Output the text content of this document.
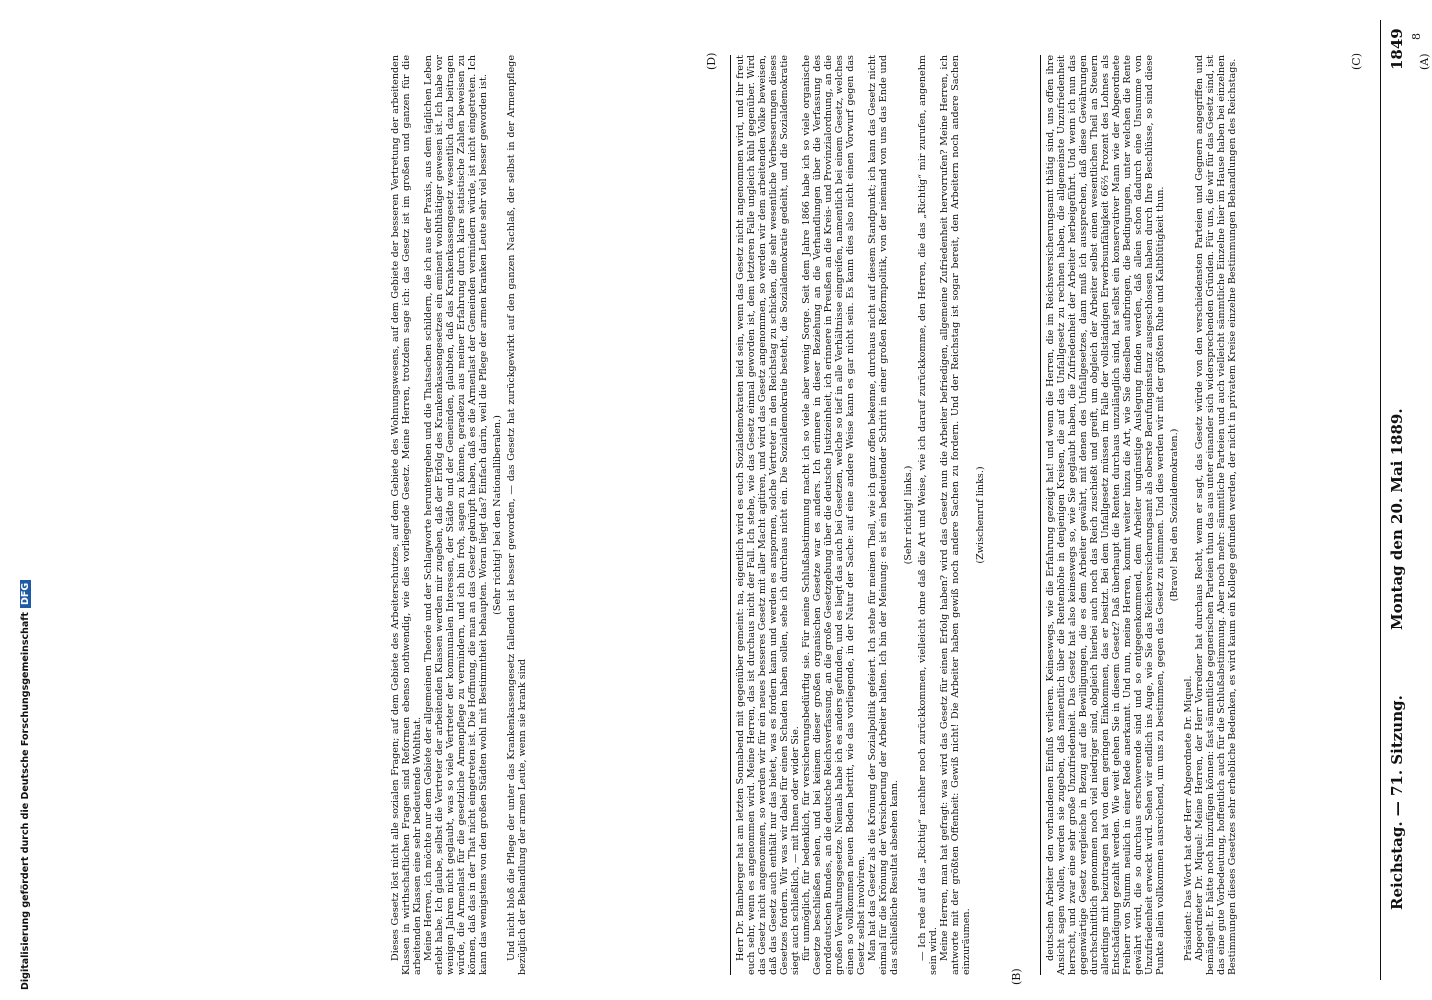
Reichstag. — 71. Sitzung.
Montag den 20. Mai 1889.
1849 8
(A)
(B)
(C)
(D)	deutschen Arbeiter den vorhandenen Einfluß verlieren. Keineswegs, wie die Erfahrung gezeigt hat! und wenn die Herren, die im Reichsversicherungsamt thätig sind, uns offen ihre Ansicht sagen wollen, werden sie zugeben, daß namentlich über die Rentenhöhe in denjenigen Kreisen, die auf das Unfallgesetz zu rechnen haben, die allgemeinste Unzufriedenheit herrscht, und zwar eine sehr große Unzufriedenheit. Das Gesetz hat also keineswegs so, wie Sie geglaubt haben, die Zufriedenheit der Arbeiter herbeigeführt. Und wenn ich nun das gegenwärtige Gesetz vergleiche in Bezug auf die Bewilligungen, die es dem Arbeiter gewährt, mit denen des Unfallgesetzes, dann muß ich aussprechen, daß diese Gewährungen durchschnittlich genommen noch viel niedriger sind, obgleich hierbei auch noch das Reich zuschießt und greift, um obgleich der Arbeiter selbst einen wesentlichen Theil an Steuern allerdings mit beizutragen hat von dem geringen Einkommen, das er besitzt. Bei dem Unfallgesetz müssen im Falle der vollständigen Erwerbsunfähigkeit 66⅔ Prozent des Lohnes als Entschädigung gezahlt werden. Wie weit gehen Sie in diesem Gesetz? Daß überhaupt die Renten durchaus unzulänglich sind, hat selbst ein konservativer Mann wie der Abgeordnete Freiherr von Stumm neulich in einer Rede anerkannt. Und nun, meine Herren, kommt weiter hinzu die Art, wie Sie dieselben aufbringen, die Bedingungen, unter welchen die Rente gewährt wird, die so durchaus erschwerende sind und so entgegenkommend, dem Arbeiter ungünstige Auslegung finden werden, daß allein schon dadurch eine Unsumme von Unzufriedenheit erweckt wird. Sehen wir endlich ins Auge, wie Sie das Reichsversicherungsamt als oberste Berufungsinstanz ausgeschlossen haben durch Ihre Beschlüsse, so sind diese Punkte allein vollkommen ausreichend, um uns zu bestimmen, gegen das Gesetz zu stimmen. Und dies werden wir mit der größten Ruhe und Kaltblütigkeit thun. (Bravo! bei den Sozialdemokraten.)

Präsident: Das Wort hat der Herr Abgeordnete Dr. Miquel. Abgeordneter Dr. Miquel: Meine Herren, der Herr Vorredner hat durchaus Recht, wenn er sagt, das Gesetz würde von den verschiedensten Parteien und Gegnern angegriffen und bemängelt. Er hätte noch hinzufügen können: fast sämmtliche gegnerischen Parteien thun das aus unter einander sich widersprechenden Gründen. Für uns, die wir für das Gesetz sind, ist das eine gute Vorbedeutung, hoffentlich auch für die Schlußabstimmung. Aber noch mehr: sämmtliche Parteien und auch vielleicht sämmtliche Einzelne hier im Hause haben bei einzelnen Bestimmungen dieses Gesetzes sehr erhebliche Bedenken, es wird kaum ein Kollege gefunden werden, der nicht in privatem Kreise einzelne Bestimmungen Behandlungen des Reichstags.

Herr Dr. Bamberger hat am letzten Sonnabend mit gegenüber gemeint: na, eigentlich wird es euch Sozialdemokraten leid sein, wenn das Gesetz nicht angenommen wird, und ihr freut euch sehr, wenn es angenommen wird. Meine Herren, das ist durchaus nicht der Fall. Ich stehe, wie das Gesetz einmal geworden ist, dem letzteren Falle ungleich kühl gegenüber. Wird das Gesetz nicht angenommen, so werden wir für ein neues besseres Gesetz mit aller Macht agitiren, und wird das Gesetz angenommen, so werden wir dem arbeitenden Volke beweisen, daß das Gesetz auch enthält nur das bietet, was es fordern kann und werden es anspornen, solche Vertreter in den Reichstag zu schicken, die sehr wesentliche Verbesserungen dieses Gesetzes fordern. Wir was wir dabei für einen Schaden haben sollen, sehe ich durchaus nicht ein. Die Sozialdemokratie besteht, die Sozialdemokratie gedeiht, und die Sozialdemokratie siegt auch schließlich, — mit Ihnen oder wider Sie. für unmöglich, für bedenklich, für versicherungsbedürftig sie. Für meine Schlußabstimmung macht ich so viele aber wenig Sorge. Seit dem Jahre 1866 habe ich so viele organische Gesetze beschließen sehen, und bei keinem dieser großen organischen Gesetze war es anders. Ich erinnere in dieser Beziehung an die Verhandlungen über die Verfassung des norddeutschen Bundes, an die deutsche Reichsverfassung, an die große Gesetzgebung über die deutsche Justizeinheit, ich erinnere in Preußen an die Kreis- und Provinzialordnung, an die großen Verwaltungsgesetze. Niemals habe ich es anders gefunden, und es liegt das auch bei Gesetzen, welche so tief in alle Verhältnisse eingreifen, namentlich bei einem Gesetz, welches einen so vollkommen neuen Boden betritt, wie das vorliegende, in der Natur der Sache: auf eine andere Weise kann es gar nicht sein. Es kann dies also nicht einen Vorwurf gegen das Gesetz selbst involviren. Man hat das Gesetz als die Krönung der Sozialpolitik gefeiert. Ich stehe für meinen Theil, wie ich ganz offen bekenne, durchaus nicht auf diesem Standpunkt; ich kann das Gesetz nicht einmal für die Krönung der Versicherung der Arbeiter halten. Ich bin der Meinung: es ist ein bedeutender Schritt in einer großen Reformpolitik, von der niemand von uns das Ende und das schließliche Resultat absehen kann.

(Sehr richtig! links.) — Ich rede auf das „Richtig“ nachher noch zurückkommen, vielleicht ohne daß die Art und Weise, wie ich darauf zurückkomme, den Herren, die das „Richtig“ mir zurufen, angenehm sein wird. Meine Herren, man hat gefragt: was wird das Gesetz für einen Erfolg haben? wird das Gesetz nun die Arbeiter befriedigen, allgemeine Zufriedenheit hervorrufen? Meine Herren, ich antworte mit der größten Offenheit: Gewiß nicht! Die Arbeiter haben gewiß noch andere Sachen zu fordern. Und der Reichstag ist sogar bereit, den Arbeitern noch andere Sachen einzuräumen.

(Zwischenruf links.)

Dieses Gesetz löst nicht alle sozialen Fragen; auf dem Gebiete des Arbeiterschutzes, auf dem Gebiete des Wohnungswesens, auf dem Gebiete der besseren Vertretung der arbeitenden Klassen in wirthschaftlichen Fragen sind Reformen ebenso nothwendig, wie dies vorliegende Gesetz. Meine Herren, trotzdem sage ich: das Gesetz ist im großen und ganzen für die arbeitenden Klassen eine sehr bedeutende Wohlthat. Meine Herren, ich möchte nur dem Gebiete der allgemeinen Theorie und der Schlagworte heruntergehen und die Thatsachen schildern, die ich aus der Praxis, aus dem täglichen Leben erlebt habe. Ich glaube, selbst die Vertreter der arbeitenden Klassen werden mir zugeben, daß der Erfolg des Krankenkassengesetzes ein eminent wohlthätiger gewesen ist. Ich habe vor wenigen Jahren nicht geglaubt, was so viele Vertreter der kommunalen Interessen, der Städte und der Gemeinden, glaubten, daß das Krankenkassengesetz wesentlich dazu beitragen würde, die Armenlast für die gesetzliche Armenpflege zu vermindern, und ich bin froh, sagen zu können, geradezu aus meiner Erfahrung durch klare statistische Zahlen beweisen zu können, daß das in der That nicht eingetreten ist. Die Hoffnung, die man an das Gesetz geknüpft haben, daß es die Armenlast der Gemeinden vermindern würde, ist nicht eingetreten. Ich kann das wenigstens von den großen Städten wohl mit Bestimmtheit behaupten. Woran liegt das? Einfach darin, weil die Pflege der armen kranken Leute sehr viel besser geworden ist. (Sehr richtig! bei den Nationalliberalen.) Und nicht bloß die Pflege der unter das Krankenkassengesetz fallenden ist besser geworden, — das Gesetz hat zurückgewirkt auf den ganzen Nachlaß, der selbst in der Armenpflege bezüglich der Behandlung der armen Leute, wenn sie krank sind

Digitalisierung gefördert durch die Deutsche ForschungsgemeinschaftDFG
